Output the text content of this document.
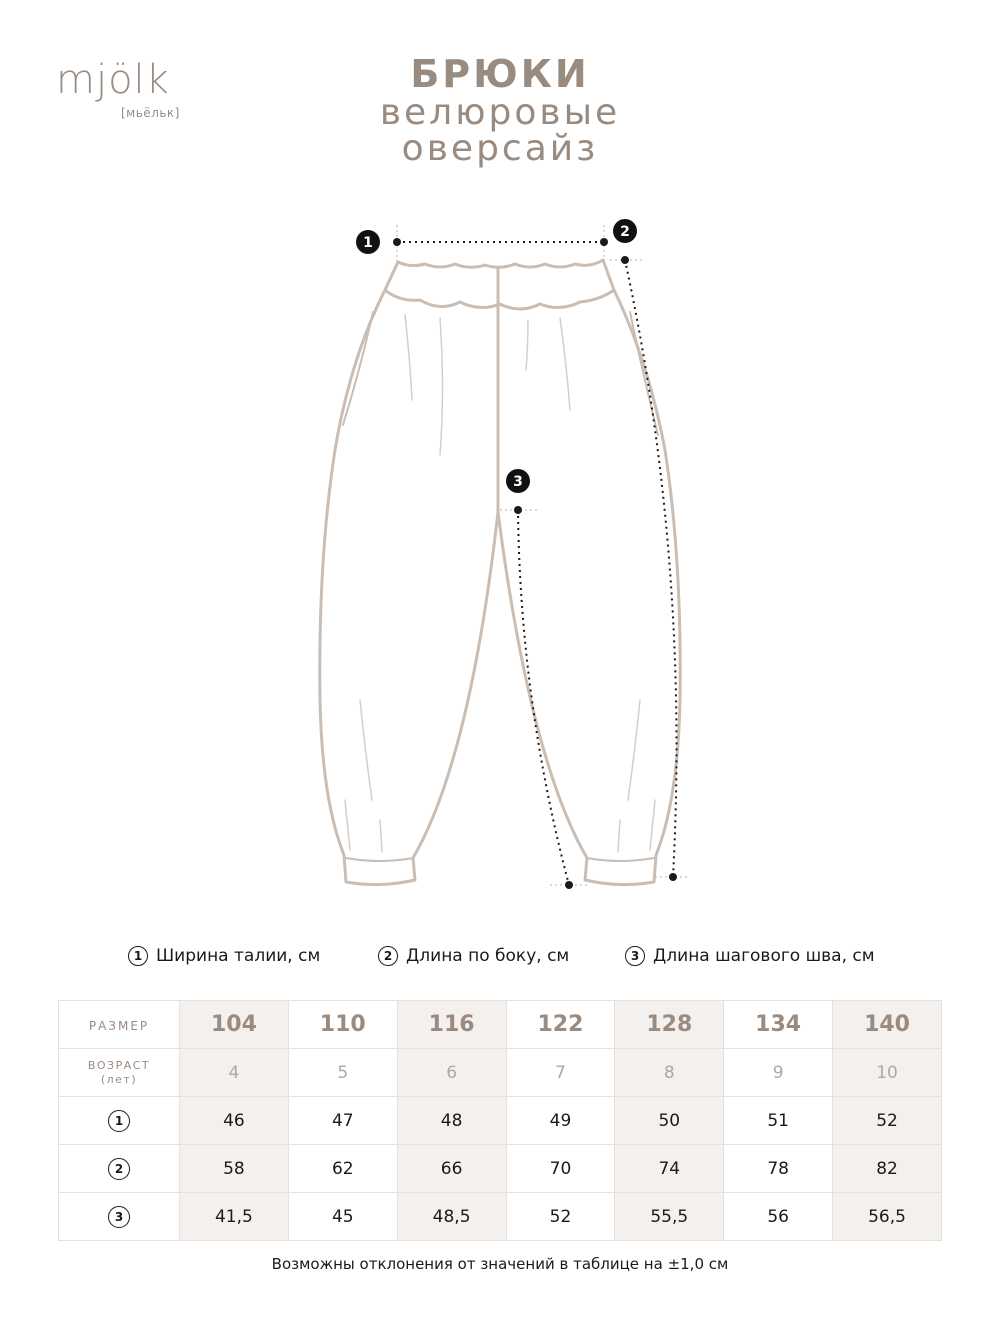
mjölk
[мьёльк]
БРЮКИ
велюровые
оверсайз
1
2
3
1 Ширина талии, см	2 Длина по боку, см	3 Длина шагового шва, см
РАЗМЕР	104	110	116	122	128	134	140

ВОЗРАСТ
(лет)	4	5	6	7	8	9	10
1	46	47	48	49	50	51	52
2	58	62	66	70	74	78	82
3	41,5	45	48,5	52	55,5	56	56,5
Возможны отклонения от значений в таблице на ±1,0 см
